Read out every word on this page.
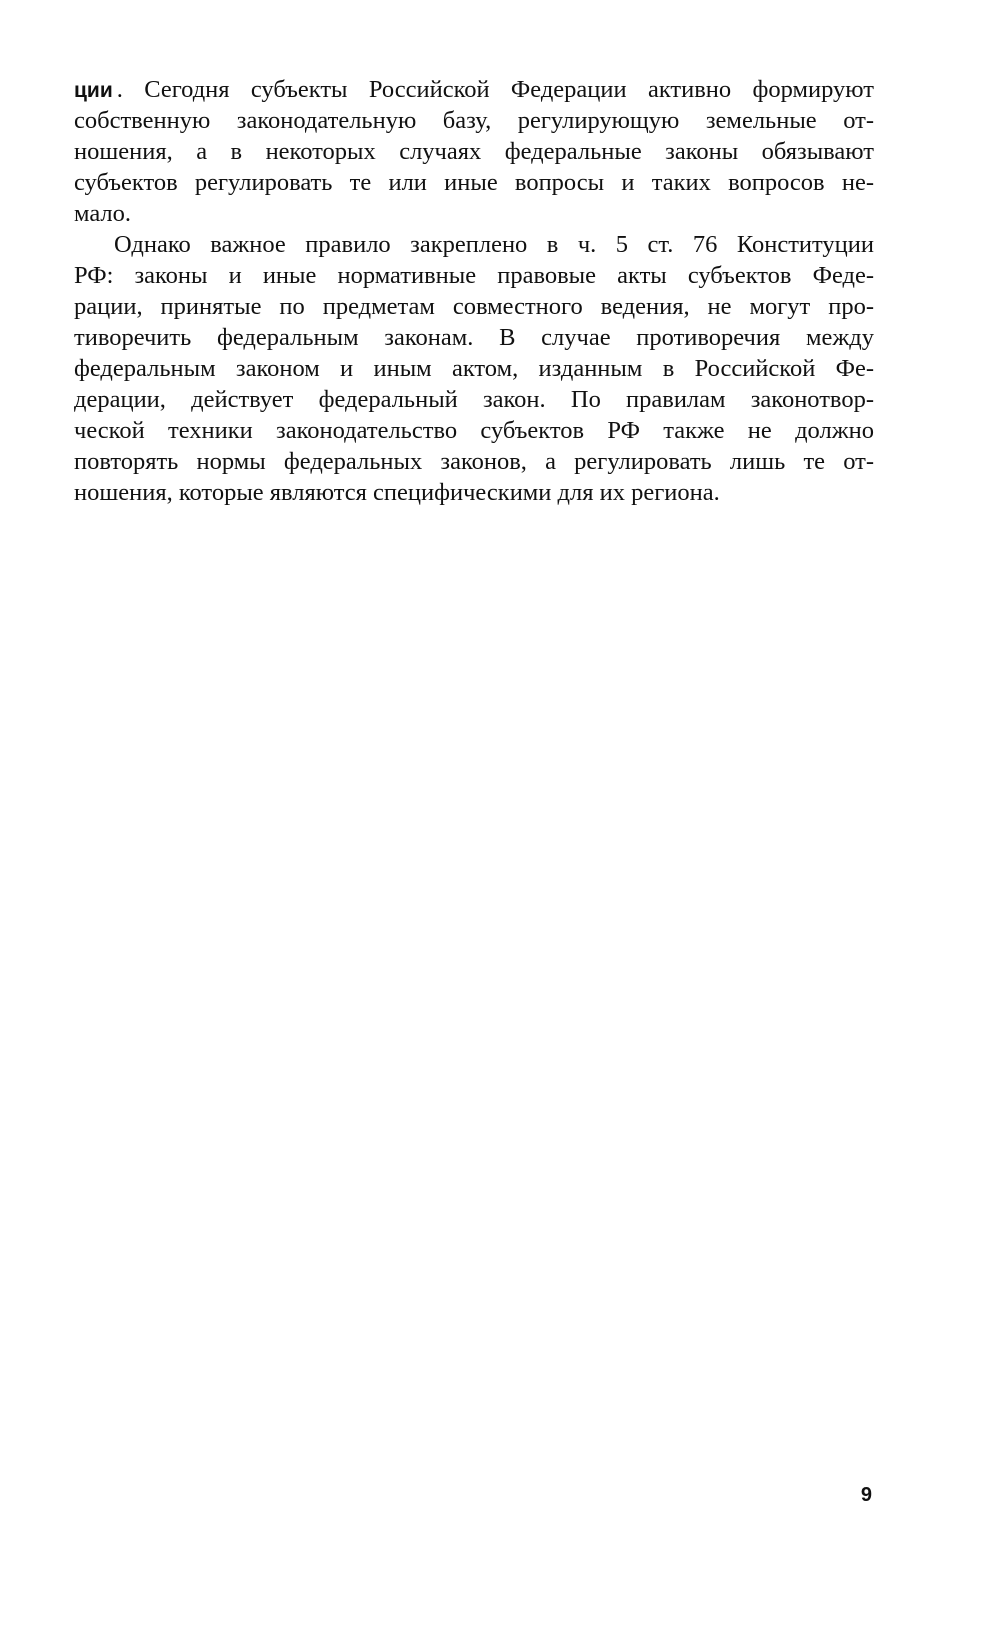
ции . Сегодня субъекты Российской Федерации активно формируют
собственную законодательную базу, регулирующую земельные от-
ношения, а в некоторых случаях федеральные законы обязывают
субъектов регулировать те или иные вопросы и таких вопросов не-
мало.
Однако важное правило закреплено в ч. 5 ст. 76 Конституции
РФ: законы и иные нормативные правовые акты субъектов Феде-
рации, принятые по предметам совместного ведения, не могут про-
тиворечить федеральным законам. В случае противоречия между
федеральным законом и иным актом, изданным в Российской Фе-
дерации, действует федеральный закон. По правилам законотвор-
ческой техники законодательство субъектов РФ также не должно
повторять нормы федеральных законов, а регулировать лишь те от-
ношения, которые являются специфическими для их региона.
9
